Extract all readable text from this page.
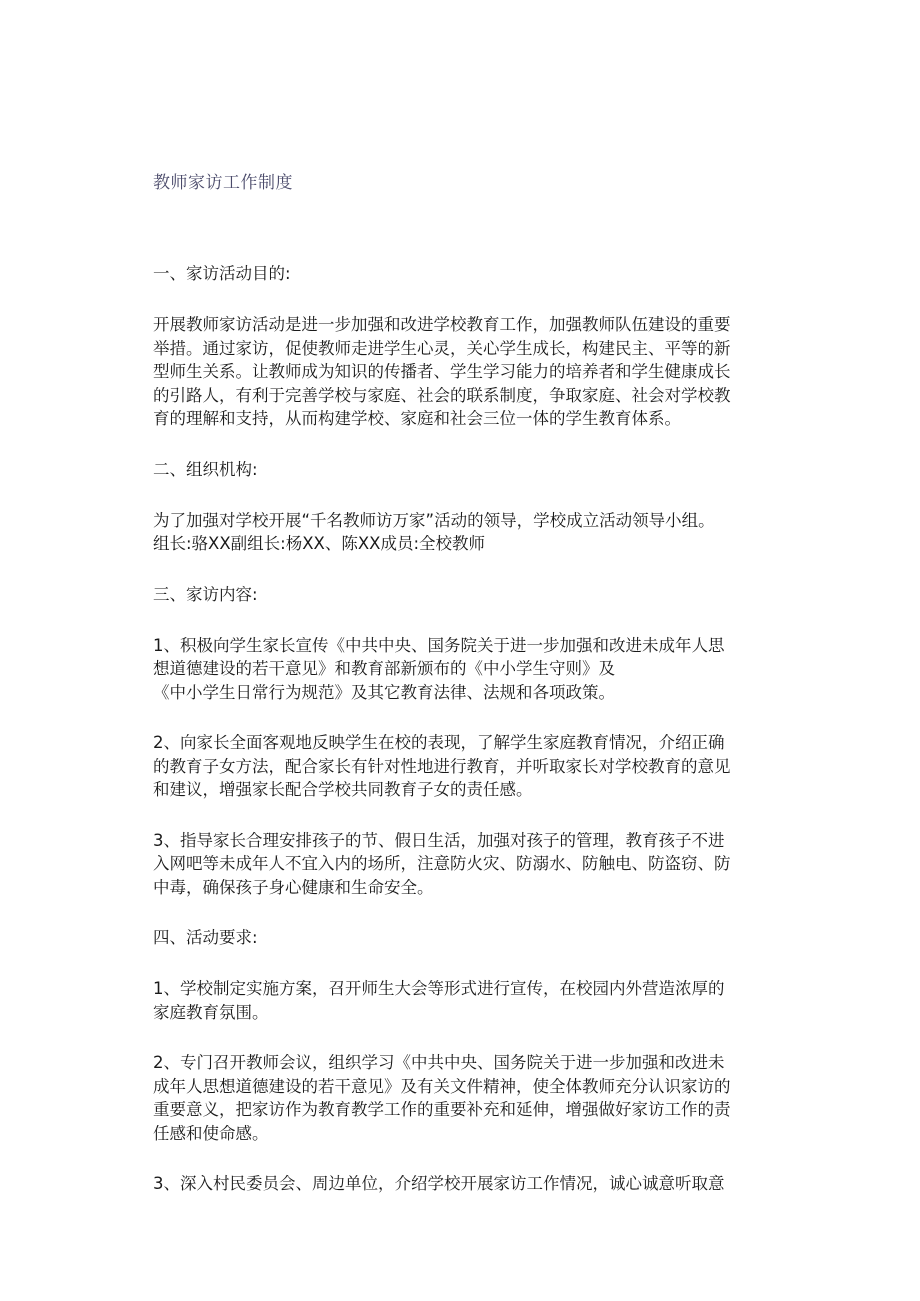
教师家访工作制度
一、家访活动目的:
开展教师家访活动是进一步加强和改进学校教育工作，加强教师队伍建设的重要
举措。通过家访，促使教师走进学生心灵，关心学生成长，构建民主、平等的新
型师生关系。让教师成为知识的传播者、学生学习能力的培养者和学生健康成长
的引路人，有利于完善学校与家庭、社会的联系制度，争取家庭、社会对学校教
育的理解和支持，从而构建学校、家庭和社会三位一体的学生教育体系。
二、组织机构:
为了加强对学校开展“千名教师访万家”活动的领导，学校成立活动领导小组。
组长:骆XX副组长:杨XX、陈XX成员:全校教师
三、家访内容:
1、积极向学生家长宣传《中共中央、国务院关于进一步加强和改进未成年人思
想道德建设的若干意见》和教育部新颁布的《中小学生守则》及
《中小学生日常行为规范》及其它教育法律、法规和各项政策。
2、向家长全面客观地反映学生在校的表现，了解学生家庭教育情况，介绍正确
的教育子女方法，配合家长有针对性地进行教育，并听取家长对学校教育的意见
和建议，增强家长配合学校共同教育子女的责任感。
3、指导家长合理安排孩子的节、假日生活，加强对孩子的管理，教育孩子不进
入网吧等未成年人不宜入内的场所，注意防火灾、防溺水、防触电、防盗窃、防
中毒，确保孩子身心健康和生命安全。
四、活动要求:
1、学校制定实施方案，召开师生大会等形式进行宣传，在校园内外营造浓厚的
家庭教育氛围。
2、专门召开教师会议，组织学习《中共中央、国务院关于进一步加强和改进未
成年人思想道德建设的若干意见》及有关文件精神，使全体教师充分认识家访的
重要意义，把家访作为教育教学工作的重要补充和延伸，增强做好家访工作的责
任感和使命感。
3、深入村民委员会、周边单位，介绍学校开展家访工作情况，诚心诚意听取意
